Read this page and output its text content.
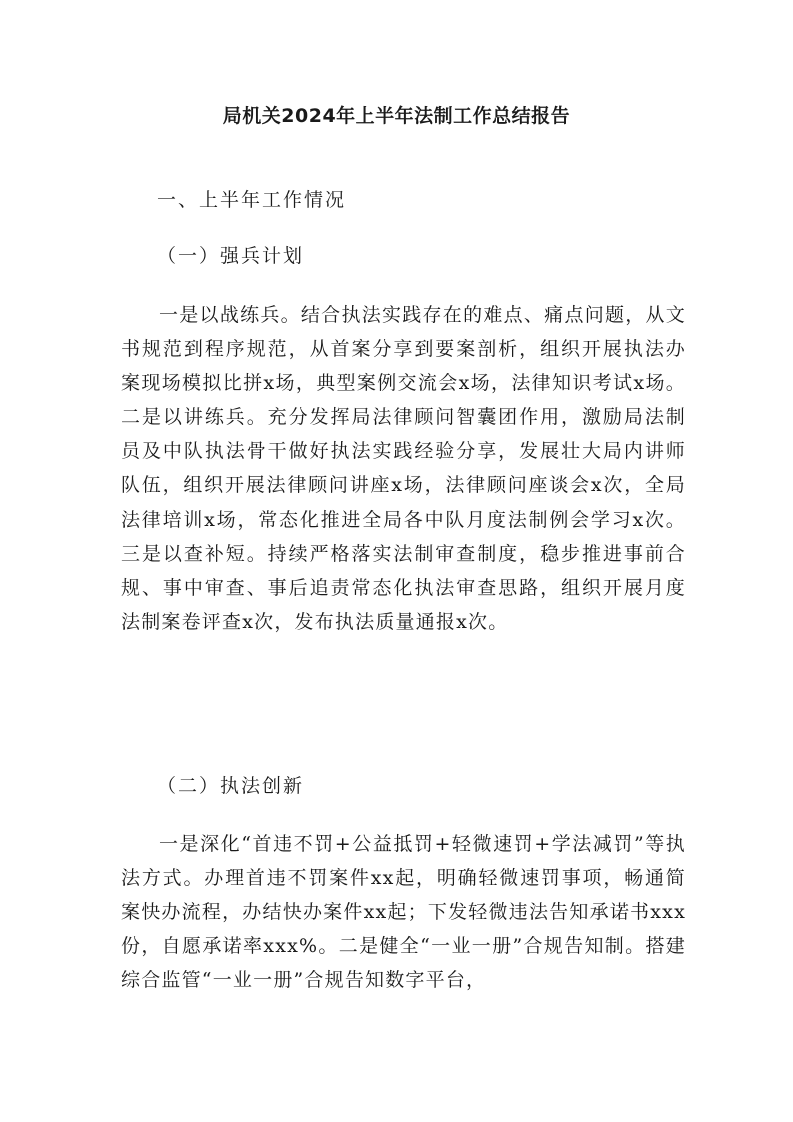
局机关2024年上半年法制工作总结报告
一、上半年工作情况
（一）强兵计划
一是以战练兵。结合执法实践存在的难点、痛点问题，从文书规范到程序规范，从首案分享到要案剖析，组织开展执法办案现场模拟比拼x场，典型案例交流会x场，法律知识考试x场。二是以讲练兵。充分发挥局法律顾问智囊团作用，激励局法制员及中队执法骨干做好执法实践经验分享，发展壮大局内讲师队伍，组织开展法律顾问讲座x场，法律顾问座谈会x次，全局法律培训x场，常态化推进全局各中队月度法制例会学习x次。三是以查补短。持续严格落实法制审查制度，稳步推进事前合规、事中审查、事后追责常态化执法审查思路，组织开展月度法制案卷评查x次，发布执法质量通报x次。
（二）执法创新
一是深化“首违不罚+公益抵罚+轻微速罚+学法减罚”等执法方式。办理首违不罚案件xx起，明确轻微速罚事项，畅通简案快办流程，办结快办案件xx起；下发轻微违法告知承诺书xxx份，自愿承诺率xxx%。二是健全“一业一册”合规告知制。搭建综合监管“一业一册”合规告知数字平台，
